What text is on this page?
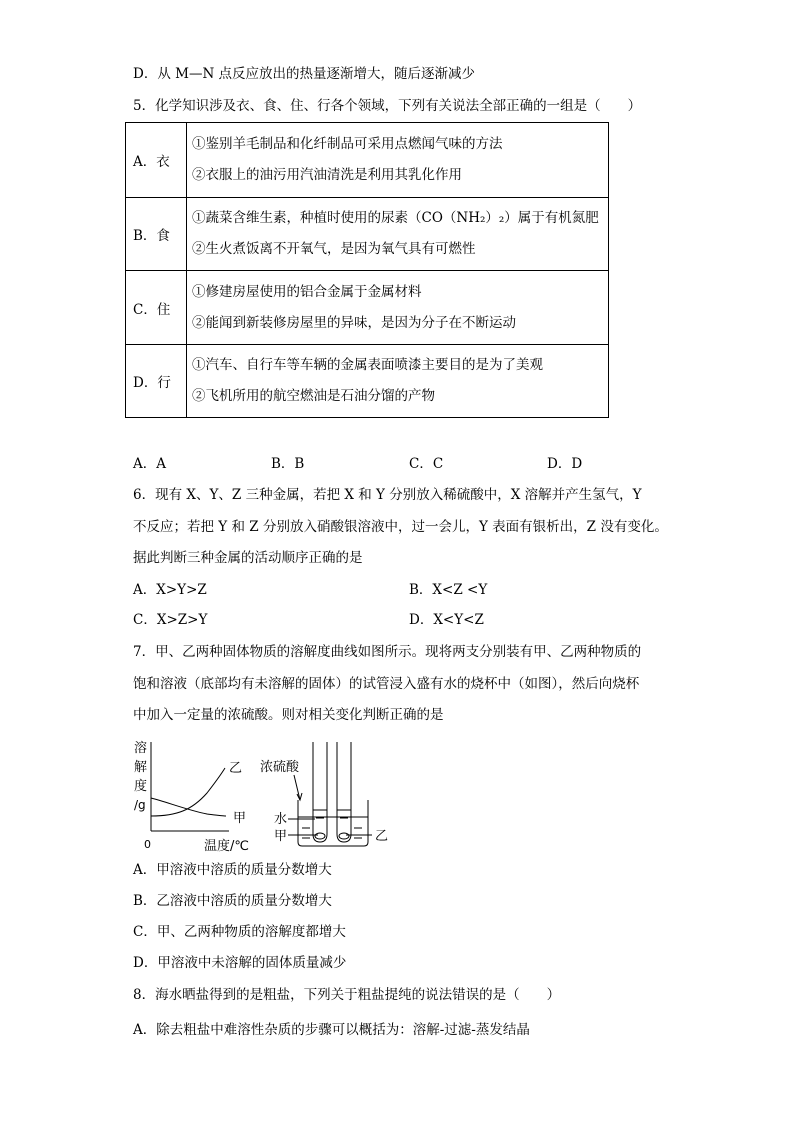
D．从 M—N 点反应放出的热量逐渐增大，随后逐渐减少
5．化学知识涉及衣、食、住、行各个领域，下列有关说法全部正确的一组是（　　）
A．衣	①鉴别羊毛制品和化纤制品可采用点燃闻气味的方法
②衣服上的油污用汽油清洗是利用其乳化作用

B．食	①蔬菜含维生素，种植时使用的尿素（CO（NH₂）₂）属于有机氮肥
②生火煮饭离不开氧气，是因为氧气具有可燃性

C．住	①修建房屋使用的铝合金属于金属材料
②能闻到新装修房屋里的异味，是因为分子在不断运动

D．行	①汽车、自行车等车辆的金属表面喷漆主要目的是为了美观
②飞机所用的航空燃油是石油分馏的产物
A．A	B．B	C．C	D．D
6．现有 X、Y、Z 三种金属，若把 X 和 Y 分别放入稀硫酸中，X 溶解并产生氢气，Y
不反应；若把 Y 和 Z 分别放入硝酸银溶液中，过一会儿，Y 表面有银析出，Z 没有变化。
据此判断三种金属的活动顺序正确的是
A．X>Y>Z	B．X<Z <Y
C．X>Z>Y	D．X<Y<Z
7．甲、乙两种固体物质的溶解度曲线如图所示。现将两支分别装有甲、乙两种物质的
饱和溶液（底部均有未溶解的固体）的试管浸入盛有水的烧杯中（如图），然后向烧杯
中加入一定量的浓硫酸。则对相关变化判断正确的是
溶
解
度
/g
0	温度/℃
乙
甲
浓硫酸
水
甲	乙
A．甲溶液中溶质的质量分数增大
B．乙溶液中溶质的质量分数增大
C．甲、乙两种物质的溶解度都增大
D．甲溶液中未溶解的固体质量减少
8．海水晒盐得到的是粗盐，下列关于粗盐提纯的说法错误的是（　　）
A．除去粗盐中难溶性杂质的步骤可以概括为：溶解-过滤-蒸发结晶
